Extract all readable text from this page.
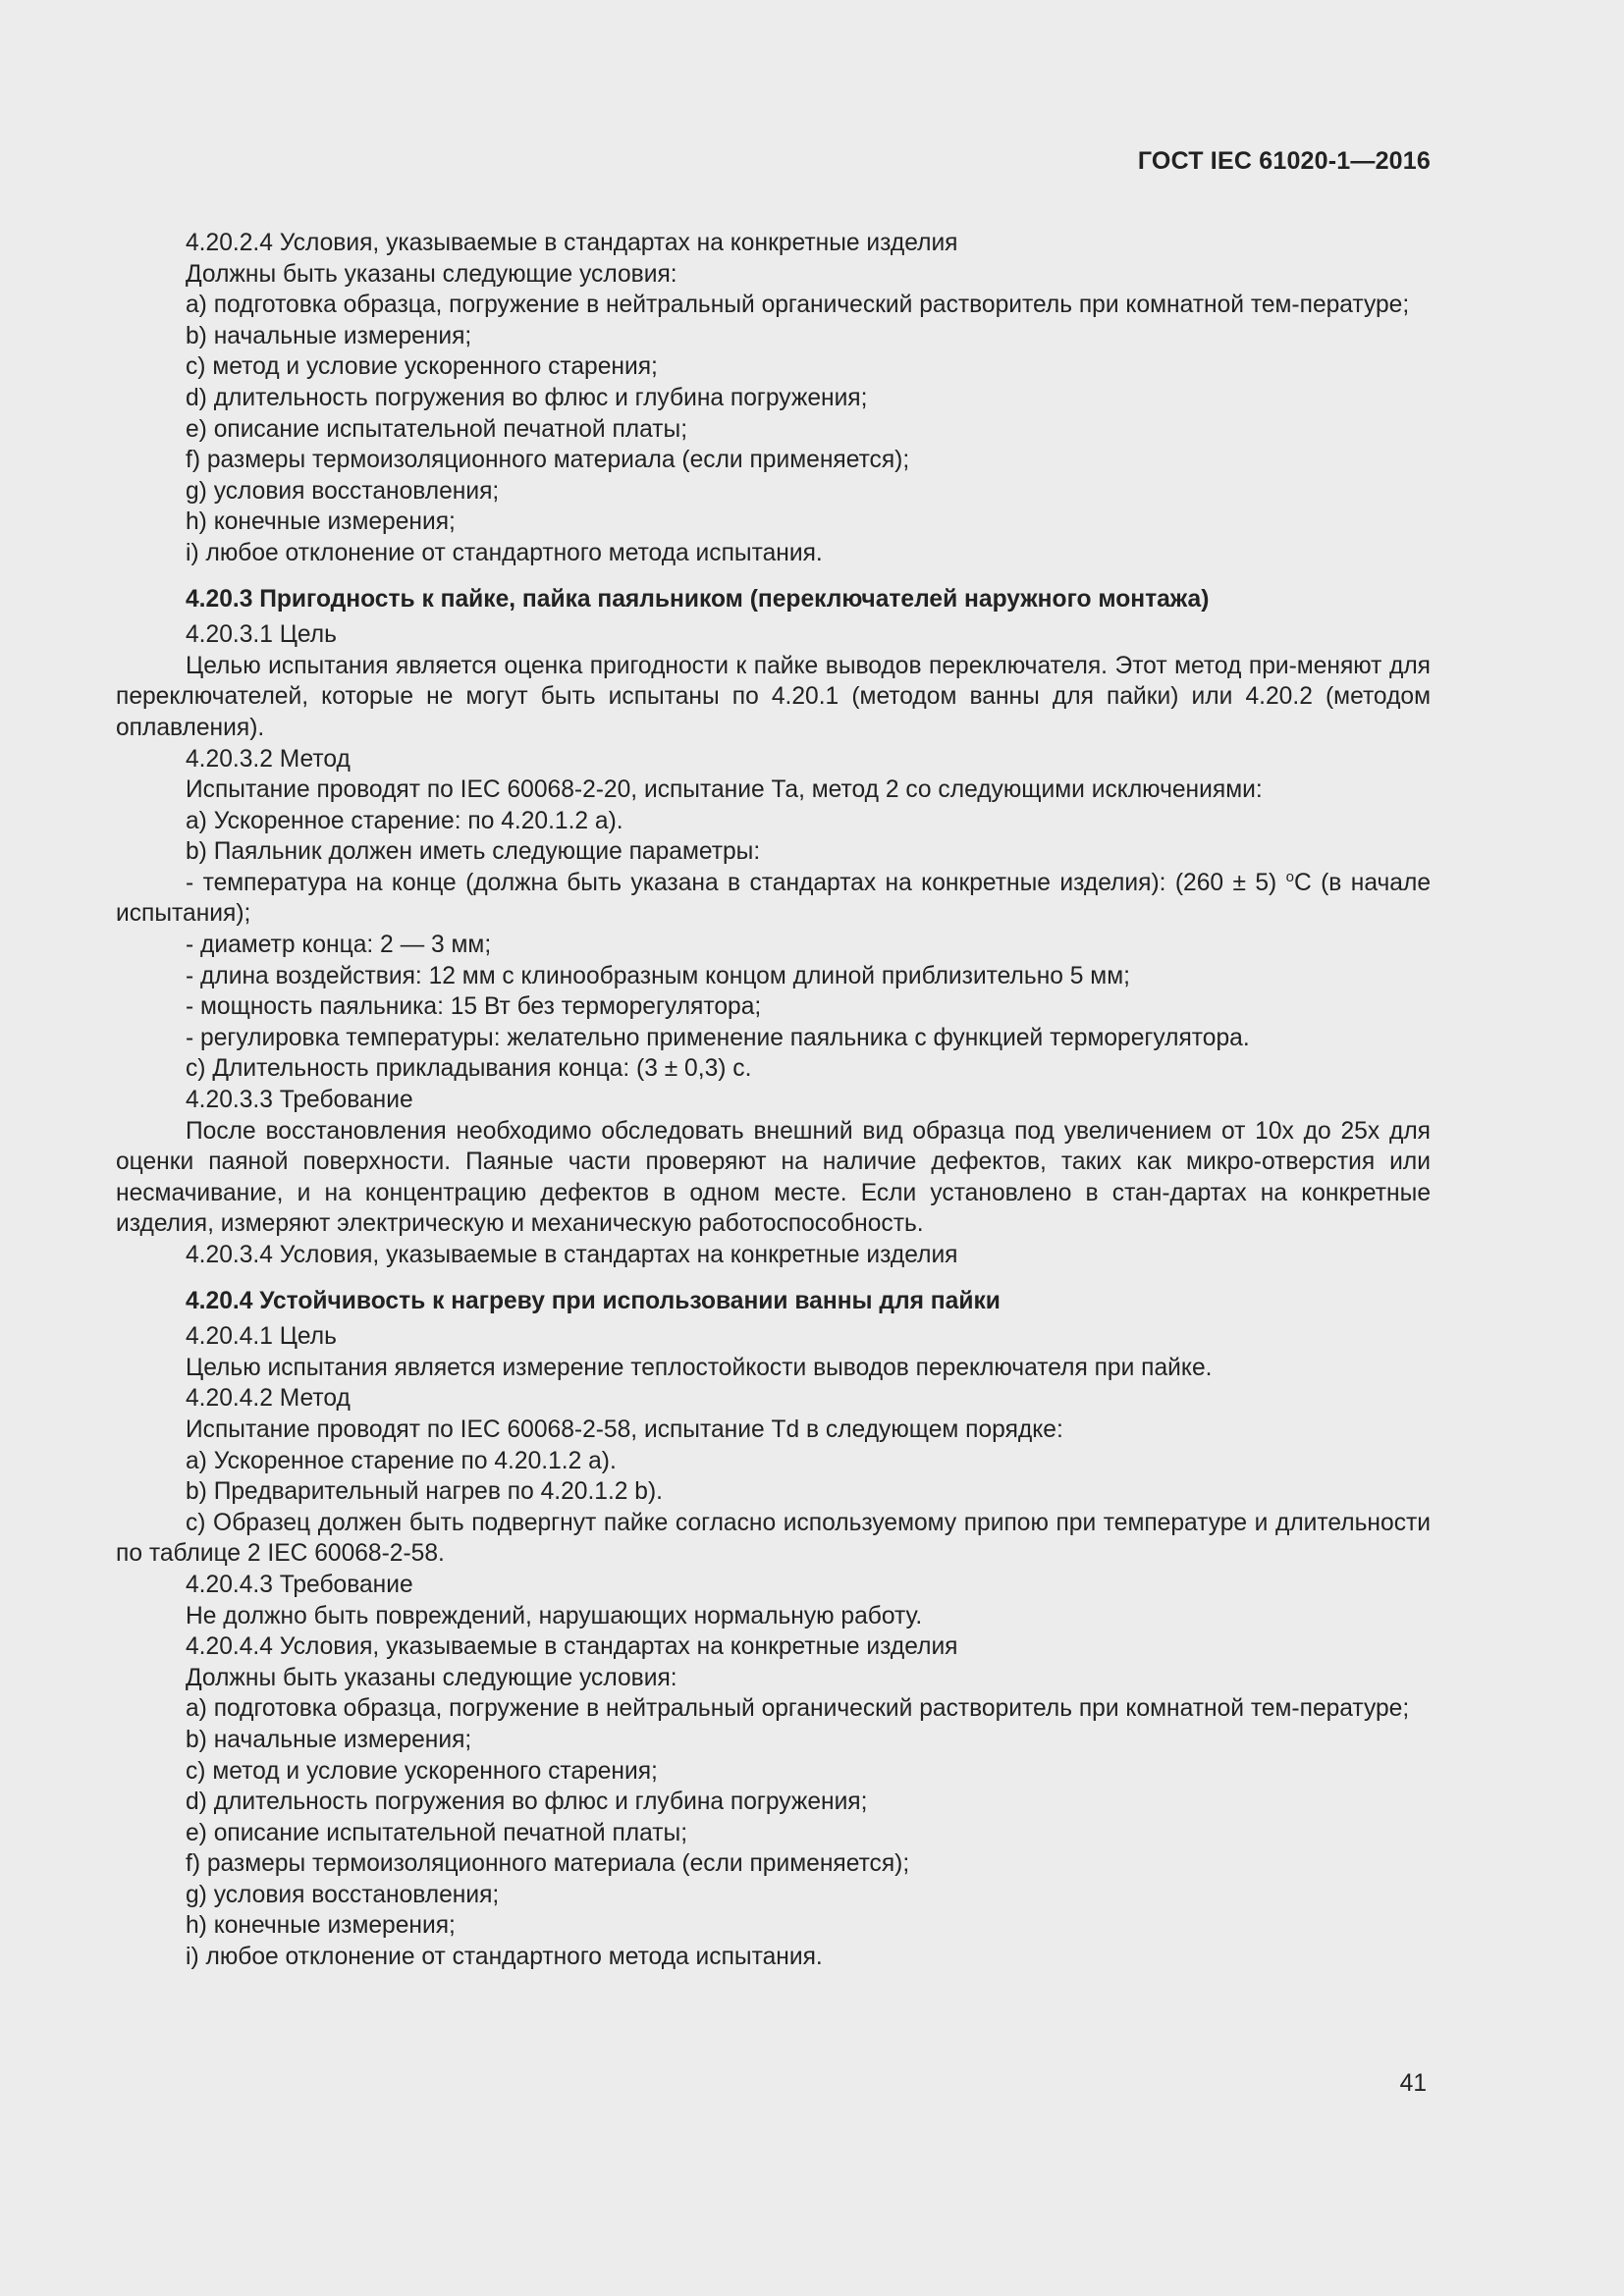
ГОСТ IEC 61020-1—2016

4.20.2.4 Условия, указываемые в стандартах на конкретные изделия

Должны быть указаны следующие условия:

a) подготовка образца, погружение в нейтральный органический растворитель при комнатной тем-пературе;

b) начальные измерения;

c) метод и условие ускоренного старения;

d) длительность погружения во флюс и глубина погружения;

e) описание испытательной печатной платы;

f) размеры термоизоляционного материала (если применяется);

g) условия восстановления;

h) конечные измерения;

i) любое отклонение от стандартного метода испытания.

4.20.3 Пригодность к пайке, пайка паяльником (переключателей наружного монтажа)

4.20.3.1 Цель

Целью испытания является оценка пригодности к пайке выводов переключателя. Этот метод при-меняют для переключателей, которые не могут быть испытаны по 4.20.1 (методом ванны для пайки) или 4.20.2 (методом оплавления).

4.20.3.2 Метод

Испытание проводят по IEC 60068-2-20, испытание Та, метод 2 со следующими исключениями:

a) Ускоренное старение: по 4.20.1.2 а).

b) Паяльник должен иметь следующие параметры:

- температура на конце (должна быть указана в стандартах на конкретные изделия): (260 ± 5) $^o$C (в начале испытания);

- диаметр конца: 2 — 3 мм;

- длина воздействия: 12 мм с клинообразным концом длиной приблизительно 5 мм;

- мощность паяльника: 15 Вт без терморегулятора;

- регулировка температуры: желательно применение паяльника с функцией терморегулятора.

c) Длительность прикладывания конца: (3 ± 0,3) с.

4.20.3.3 Требование

После восстановления необходимо обследовать внешний вид образца под увеличением от 10х до 25х для оценки паяной поверхности. Паяные части проверяют на наличие дефектов, таких как микро-отверстия или несмачивание, и на концентрацию дефектов в одном месте. Если установлено в стан-дартах на конкретные изделия, измеряют электрическую и механическую работоспособность.

4.20.3.4 Условия, указываемые в стандартах на конкретные изделия

4.20.4 Устойчивость к нагреву при использовании ванны для пайки

4.20.4.1 Цель

Целью испытания является измерение теплостойкости выводов переключателя при пайке.

4.20.4.2 Метод

Испытание проводят по IEC 60068-2-58, испытание Td в следующем порядке:

a) Ускоренное старение по 4.20.1.2 а).

b) Предварительный нагрев по 4.20.1.2 b).

c) Образец должен быть подвергнут пайке согласно используемому припою при температуре и длительности по таблице 2 IEC 60068-2-58.

4.20.4.3 Требование

Не должно быть повреждений, нарушающих нормальную работу.

4.20.4.4 Условия, указываемые в стандартах на конкретные изделия

Должны быть указаны следующие условия:

a) подготовка образца, погружение в нейтральный органический растворитель при комнатной тем-пературе;

b) начальные измерения;

c) метод и условие ускоренного старения;

d) длительность погружения во флюс и глубина погружения;

e) описание испытательной печатной платы;

f) размеры термоизоляционного материала (если применяется);

g) условия восстановления;

h) конечные измерения;

i) любое отклонение от стандартного метода испытания.

41
